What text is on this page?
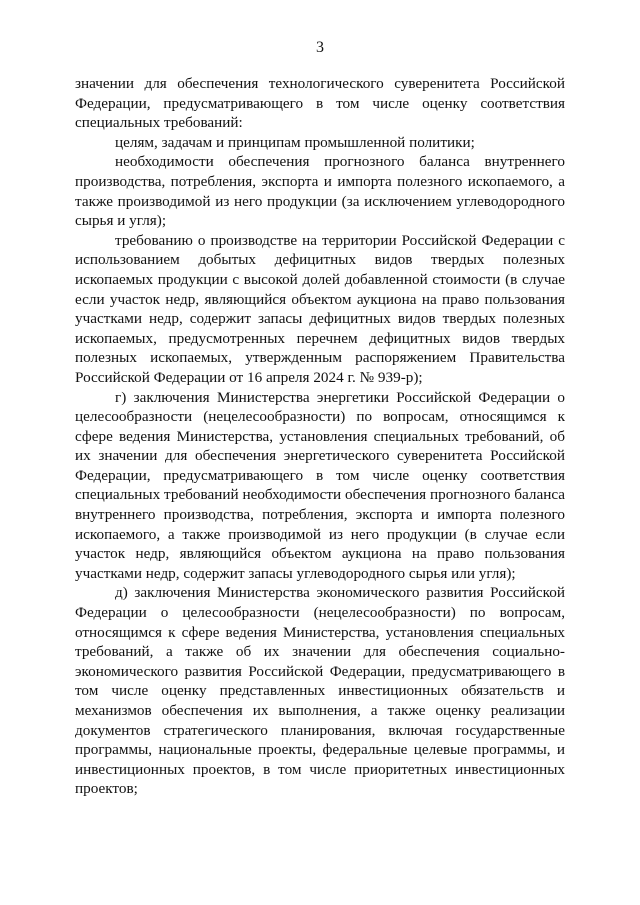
3

значении для обеспечения технологического суверенитета Российской Федерации, предусматривающего в том числе оценку соответствия специальных требований:

целям, задачам и принципам промышленной политики;

необходимости обеспечения прогнозного баланса внутреннего производства, потребления, экспорта и импорта полезного ископаемого, а также производимой из него продукции (за исключением углеводородного сырья и угля);

требованию о производстве на территории Российской Федерации с использованием добытых дефицитных видов твердых полезных ископаемых продукции с высокой долей добавленной стоимости (в случае если участок недр, являющийся объектом аукциона на право пользования участками недр, содержит запасы дефицитных видов твердых полезных ископаемых, предусмотренных перечнем дефицитных видов твердых полезных ископаемых, утвержденным распоряжением Правительства Российской Федерации от 16 апреля 2024 г. № 939-р);

г) заключения Министерства энергетики Российской Федерации о целесообразности (нецелесообразности) по вопросам, относящимся к сфере ведения Министерства, установления специальных требований, об их значении для обеспечения энергетического суверенитета Российской Федерации, предусматривающего в том числе оценку соответствия специальных требований необходимости обеспечения прогнозного баланса внутреннего производства, потребления, экспорта и импорта полезного ископаемого, а также производимой из него продукции (в случае если участок недр, являющийся объектом аукциона на право пользования участками недр, содержит запасы углеводородного сырья или угля);

д) заключения Министерства экономического развития Российской Федерации о целесообразности (нецелесообразности) по вопросам, относящимся к сфере ведения Министерства, установления специальных требований, а также об их значении для обеспечения социально-экономического развития Российской Федерации, предусматривающего в том числе оценку представленных инвестиционных обязательств и механизмов обеспечения их выполнения, а также оценку реализации документов стратегического планирования, включая государственные программы, национальные проекты, федеральные целевые программы, и инвестиционных проектов, в том числе приоритетных инвестиционных проектов;
